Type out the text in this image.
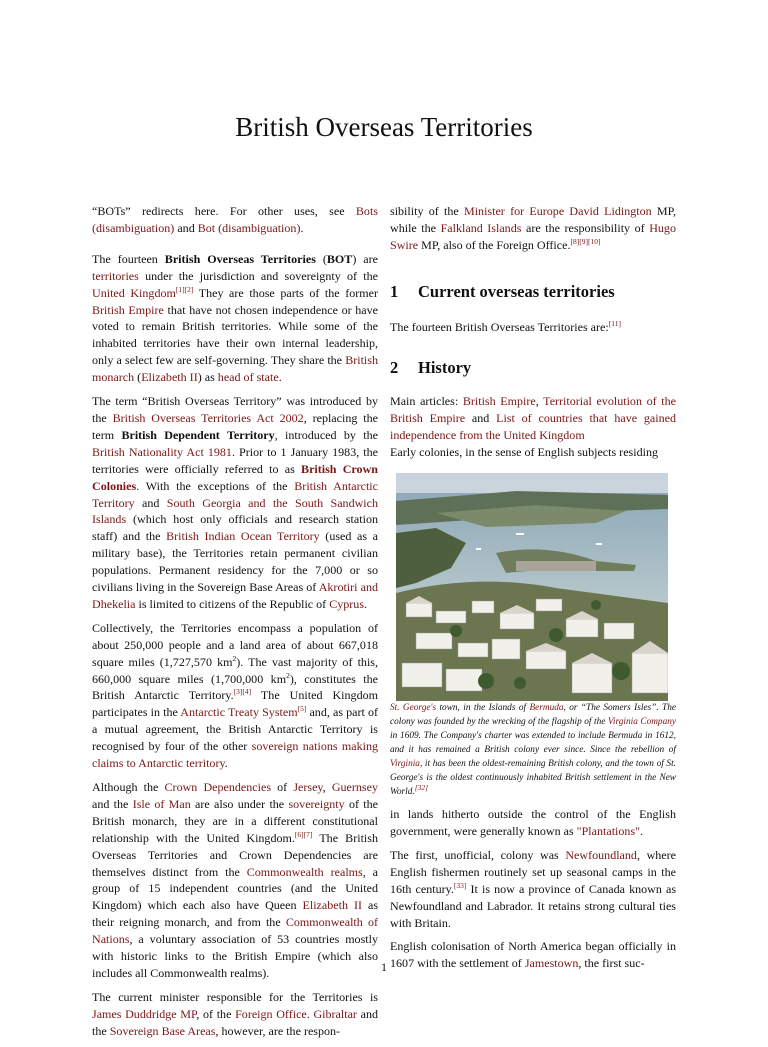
British Overseas Territories

“BOTs” redirects here. For other uses, see Bots (disambiguation) and Bot (disambiguation).

The fourteen British Overseas Territories (BOT) are territories under the jurisdiction and sovereignty of the United Kingdom[1][2] They are those parts of the former British Empire that have not chosen independence or have voted to remain British territories. While some of the inhabited territories have their own internal leadership, only a select few are self-governing. They share the British monarch (Elizabeth II) as head of state.

The term “British Overseas Territory” was introduced by the British Overseas Territories Act 2002, replacing the term British Dependent Territory, introduced by the British Nationality Act 1981. Prior to 1 January 1983, the territories were officially referred to as British Crown Colonies. With the exceptions of the British Antarctic Territory and South Georgia and the South Sandwich Islands (which host only officials and research station staff) and the British Indian Ocean Territory (used as a military base), the Territories retain permanent civilian populations. Permanent residency for the 7,000 or so civilians living in the Sovereign Base Areas of Akrotiri and Dhekelia is limited to citizens of the Republic of Cyprus.

Collectively, the Territories encompass a population of about 250,000 people and a land area of about 667,018 square miles (1,727,570 $km^2$). The vast majority of this, 660,000 square miles (1,700,000 $km^2$), constitutes the British Antarctic Territory.[3][4] The United Kingdom participates in the Antarctic Treaty System[5] and, as part of a mutual agreement, the British Antarctic Territory is recognised by four of the other sovereign nations making claims to Antarctic territory.

Although the Crown Dependencies of Jersey, Guernsey and the Isle of Man are also under the sovereignty of the British monarch, they are in a different constitutional relationship with the United Kingdom.[6][7] The British Overseas Territories and Crown Dependencies are themselves distinct from the Commonwealth realms, a group of 15 independent countries (and the United Kingdom) which each also have Queen Elizabeth II as their reigning monarch, and from the Commonwealth of Nations, a voluntary association of 53 countries mostly with historic links to the British Empire (which also includes all Commonwealth realms).

The current minister responsible for the Territories is James Duddridge MP, of the Foreign Office. Gibraltar and the Sovereign Base Areas, however, are the respon-

sibility of the Minister for Europe David Lidington MP, while the Falkland Islands are the responsibility of Hugo Swire MP, also of the Foreign Office.[8][9][10]

1 Current overseas territories

The fourteen British Overseas Territories are:[11]

2 History

Main articles: British Empire, Territorial evolution of the British Empire and List of countries that have gained independence from the United Kingdom

Early colonies, in the sense of English subjects residing

St. George's town, in the Islands of Bermuda, or “The Somers Isles”. The colony was founded by the wrecking of the flagship of the Virginia Company in 1609. The Company's charter was extended to include Bermuda in 1612, and it has remained a British colony ever since. Since the rebellion of Virginia, it has been the oldest-remaining British colony, and the town of St. George's is the oldest continuously inhabited British settlement in the New World.[32]

in lands hitherto outside the control of the English government, were generally known as "Plantations".

The first, unofficial, colony was Newfoundland, where English fishermen routinely set up seasonal camps in the 16th century.[33] It is now a province of Canada known as Newfoundland and Labrador. It retains strong cultural ties with Britain.

English colonisation of North America began officially in 1607 with the settlement of Jamestown, the first suc-

1
